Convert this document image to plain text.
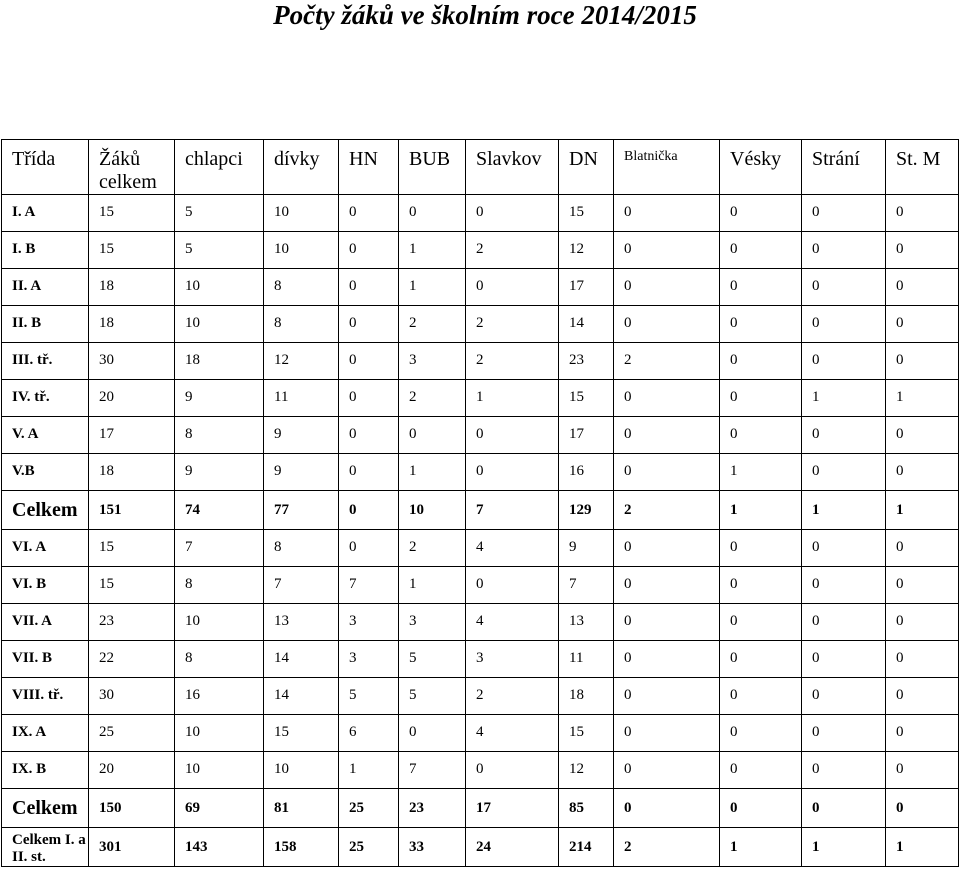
Počty žáků ve školním roce 2014/2015
Třída	Žáků celkem	chlapci	dívky	HN	BUB	Slavkov	DN	Blatnička	Vésky	Strání	St. M
I. A	15	5	10	0	0	0	15	0	0	0	0
I. B	15	5	10	0	1	2	12	0	0	0	0
II. A	18	10	8	0	1	0	17	0	0	0	0
II. B	18	10	8	0	2	2	14	0	0	0	0
III. tř.	30	18	12	0	3	2	23	2	0	0	0
IV. tř.	20	9	11	0	2	1	15	0	0	1	1
V. A	17	8	9	0	0	0	17	0	0	0	0
V.B	18	9	9	0	1	0	16	0	1	0	0
Celkem	151	74	77	0	10	7	129	2	1	1	1
VI. A	15	7	8	0	2	4	9	0	0	0	0
VI. B	15	8	7	7	1	0	7	0	0	0	0
VII. A	23	10	13	3	3	4	13	0	0	0	0
VII. B	22	8	14	3	5	3	11	0	0	0	0
VIII. tř.	30	16	14	5	5	2	18	0	0	0	0
IX. A	25	10	15	6	0	4	15	0	0	0	0
IX. B	20	10	10	1	7	0	12	0	0	0	0
Celkem	150	69	81	25	23	17	85	0	0	0	0
Celkem I. a II. st.	301	143	158	25	33	24	214	2	1	1	1
